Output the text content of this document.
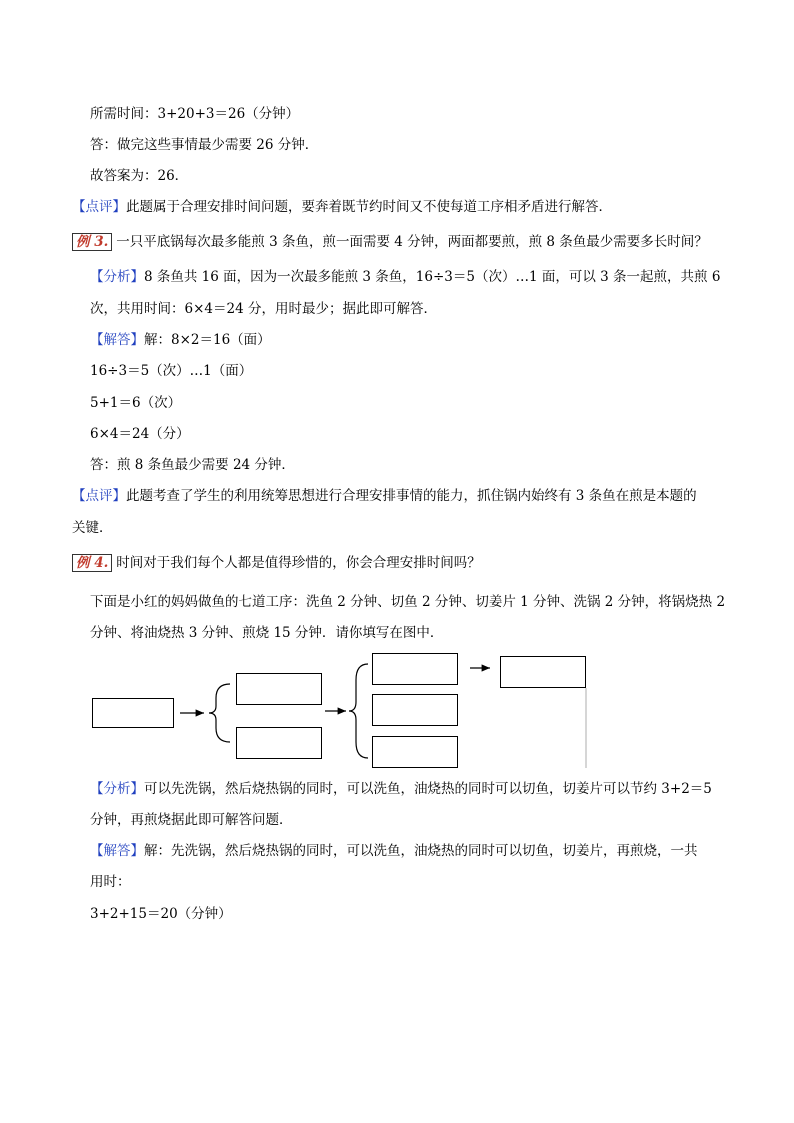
所需时间：3+20+3＝26（分钟）
答：做完这些事情最少需要 26 分钟．
故答案为：26．
【点评】此题属于合理安排时间问题，要奔着既节约时间又不使每道工序相矛盾进行解答．
例 3. 一只平底锅每次最多能煎 3 条鱼，煎一面需要 4 分钟，两面都要煎，煎 8 条鱼最少需要多长时间？
【分析】8 条鱼共 16 面，因为一次最多能煎 3 条鱼，16÷3＝5（次）…1 面，可以 3 条一起煎，共煎 6
次，共用时间：6×4＝24 分，用时最少；据此即可解答．
【解答】解：8×2＝16（面）
16÷3＝5（次）…1（面）
5+1＝6（次）
6×4＝24（分）
答：煎 8 条鱼最少需要 24 分钟．
【点评】此题考查了学生的利用统筹思想进行合理安排事情的能力，抓住锅内始终有 3 条鱼在煎是本题的
关键．
例 4. 时间对于我们每个人都是值得珍惜的，你会合理安排时间吗？
下面是小红的妈妈做鱼的七道工序：洗鱼 2 分钟、切鱼 2 分钟、切姜片 1 分钟、洗锅 2 分钟，将锅烧热 2
分钟、将油烧热 3 分钟、煎烧 15 分钟．请你填写在图中．
【分析】可以先洗锅，然后烧热锅的同时，可以洗鱼，油烧热的同时可以切鱼，切姜片可以节约 3+2＝5
分钟，再煎烧据此即可解答问题．
【解答】解：先洗锅，然后烧热锅的同时，可以洗鱼，油烧热的同时可以切鱼，切姜片，再煎烧，一共
用时：
3+2+15＝20（分钟）
